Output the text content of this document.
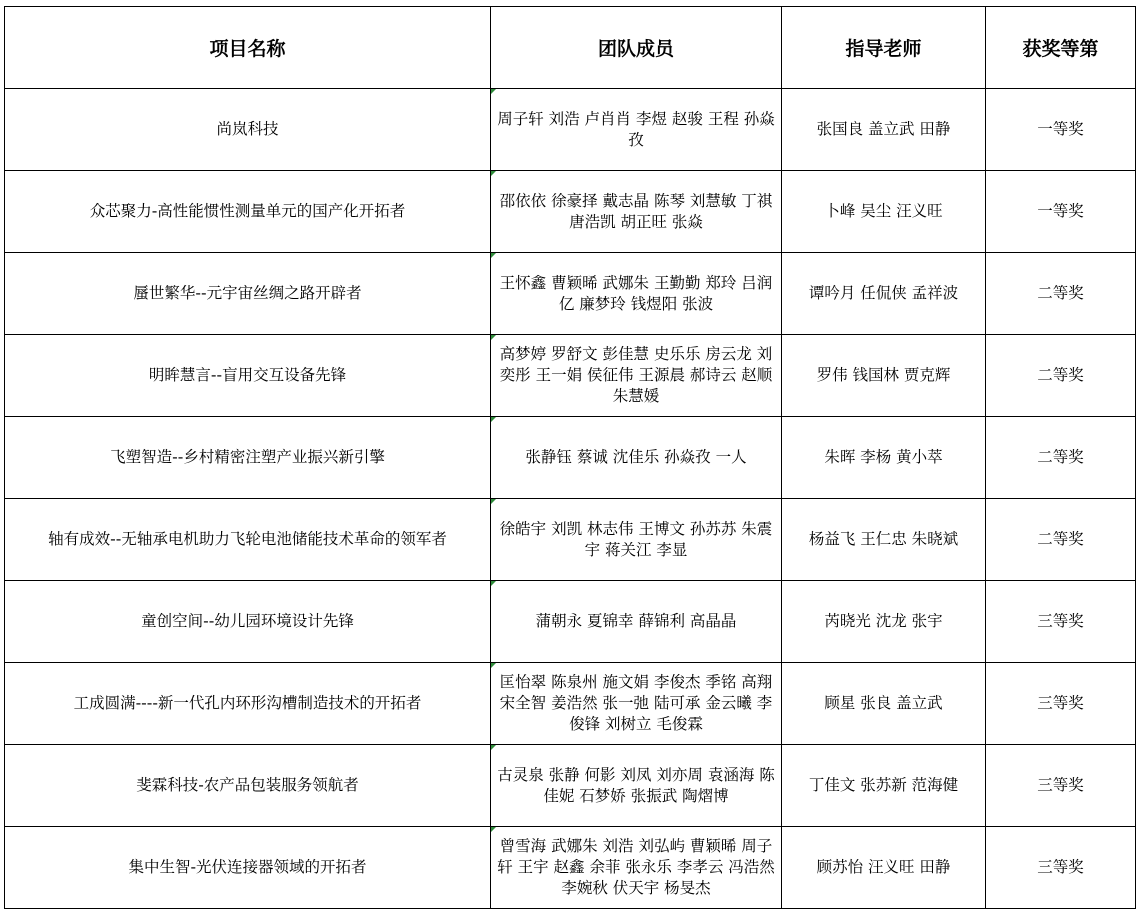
项目名称	团队成员	指导老师	获奖等第
尚岚科技	周子轩 刘浩 卢肖肖 李煜 赵骏 王程 孙焱孜	张国良 盖立武 田静	一等奖
众芯聚力-高性能惯性测量单元的国产化开拓者	邵依依 徐豪择 戴志晶 陈琴 刘慧敏 丁祺 唐浩凯 胡正旺 张焱	卜峰 吴尘 汪义旺	一等奖
蜃世繁华--元宇宙丝绸之路开辟者	王怀鑫 曹颖晞 武娜朱 王勤勤 郑玲 吕润亿 廉梦玲 钱煜阳 张波	谭吟月 任侃侠 孟祥波	二等奖
明眸慧言--盲用交互设备先锋	高梦婷 罗舒文 彭佳慧 史乐乐 房云龙 刘奕彤 王一娟 侯征伟 王源晨 郝诗云 赵顺 朱慧媛	罗伟 钱国林 贾克辉	二等奖
飞塑智造--乡村精密注塑产业振兴新引擎	张静钰 蔡诚 沈佳乐 孙焱孜 一人	朱晖 李杨 黄小萃	二等奖
轴有成效--无轴承电机助力飞轮电池储能技术革命的领军者	徐皓宇 刘凯 林志伟 王博文 孙苏苏 朱震宇 蒋关江 李显	杨益飞 王仁忠 朱晓斌	二等奖
童创空间--幼儿园环境设计先锋	蒲朝永 夏锦幸 薛锦利 高晶晶	芮晓光 沈龙 张宇	三等奖
工成圆满----新一代孔内环形沟槽制造技术的开拓者	匡怡翠 陈泉州 施文娟 李俊杰 季铭 高翔 宋全智 姜浩然 张一弛 陆可承 金云曦 李俊锋 刘树立 毛俊霖	顾星 张良 盖立武	三等奖
斐霖科技-农产品包装服务领航者	古灵泉 张静 何影 刘凤 刘亦周 袁涵海 陈佳妮 石梦娇 张振武 陶熠博	丁佳文 张苏新 范海健	三等奖
集中生智-光伏连接器领域的开拓者	曾雪海 武娜朱 刘浩 刘弘屿 曹颖晞 周子轩 王宇 赵鑫 余菲 张永乐 李孝云 冯浩然 李婉秋 伏天宇 杨旻杰	顾苏怡 汪义旺 田静	三等奖
